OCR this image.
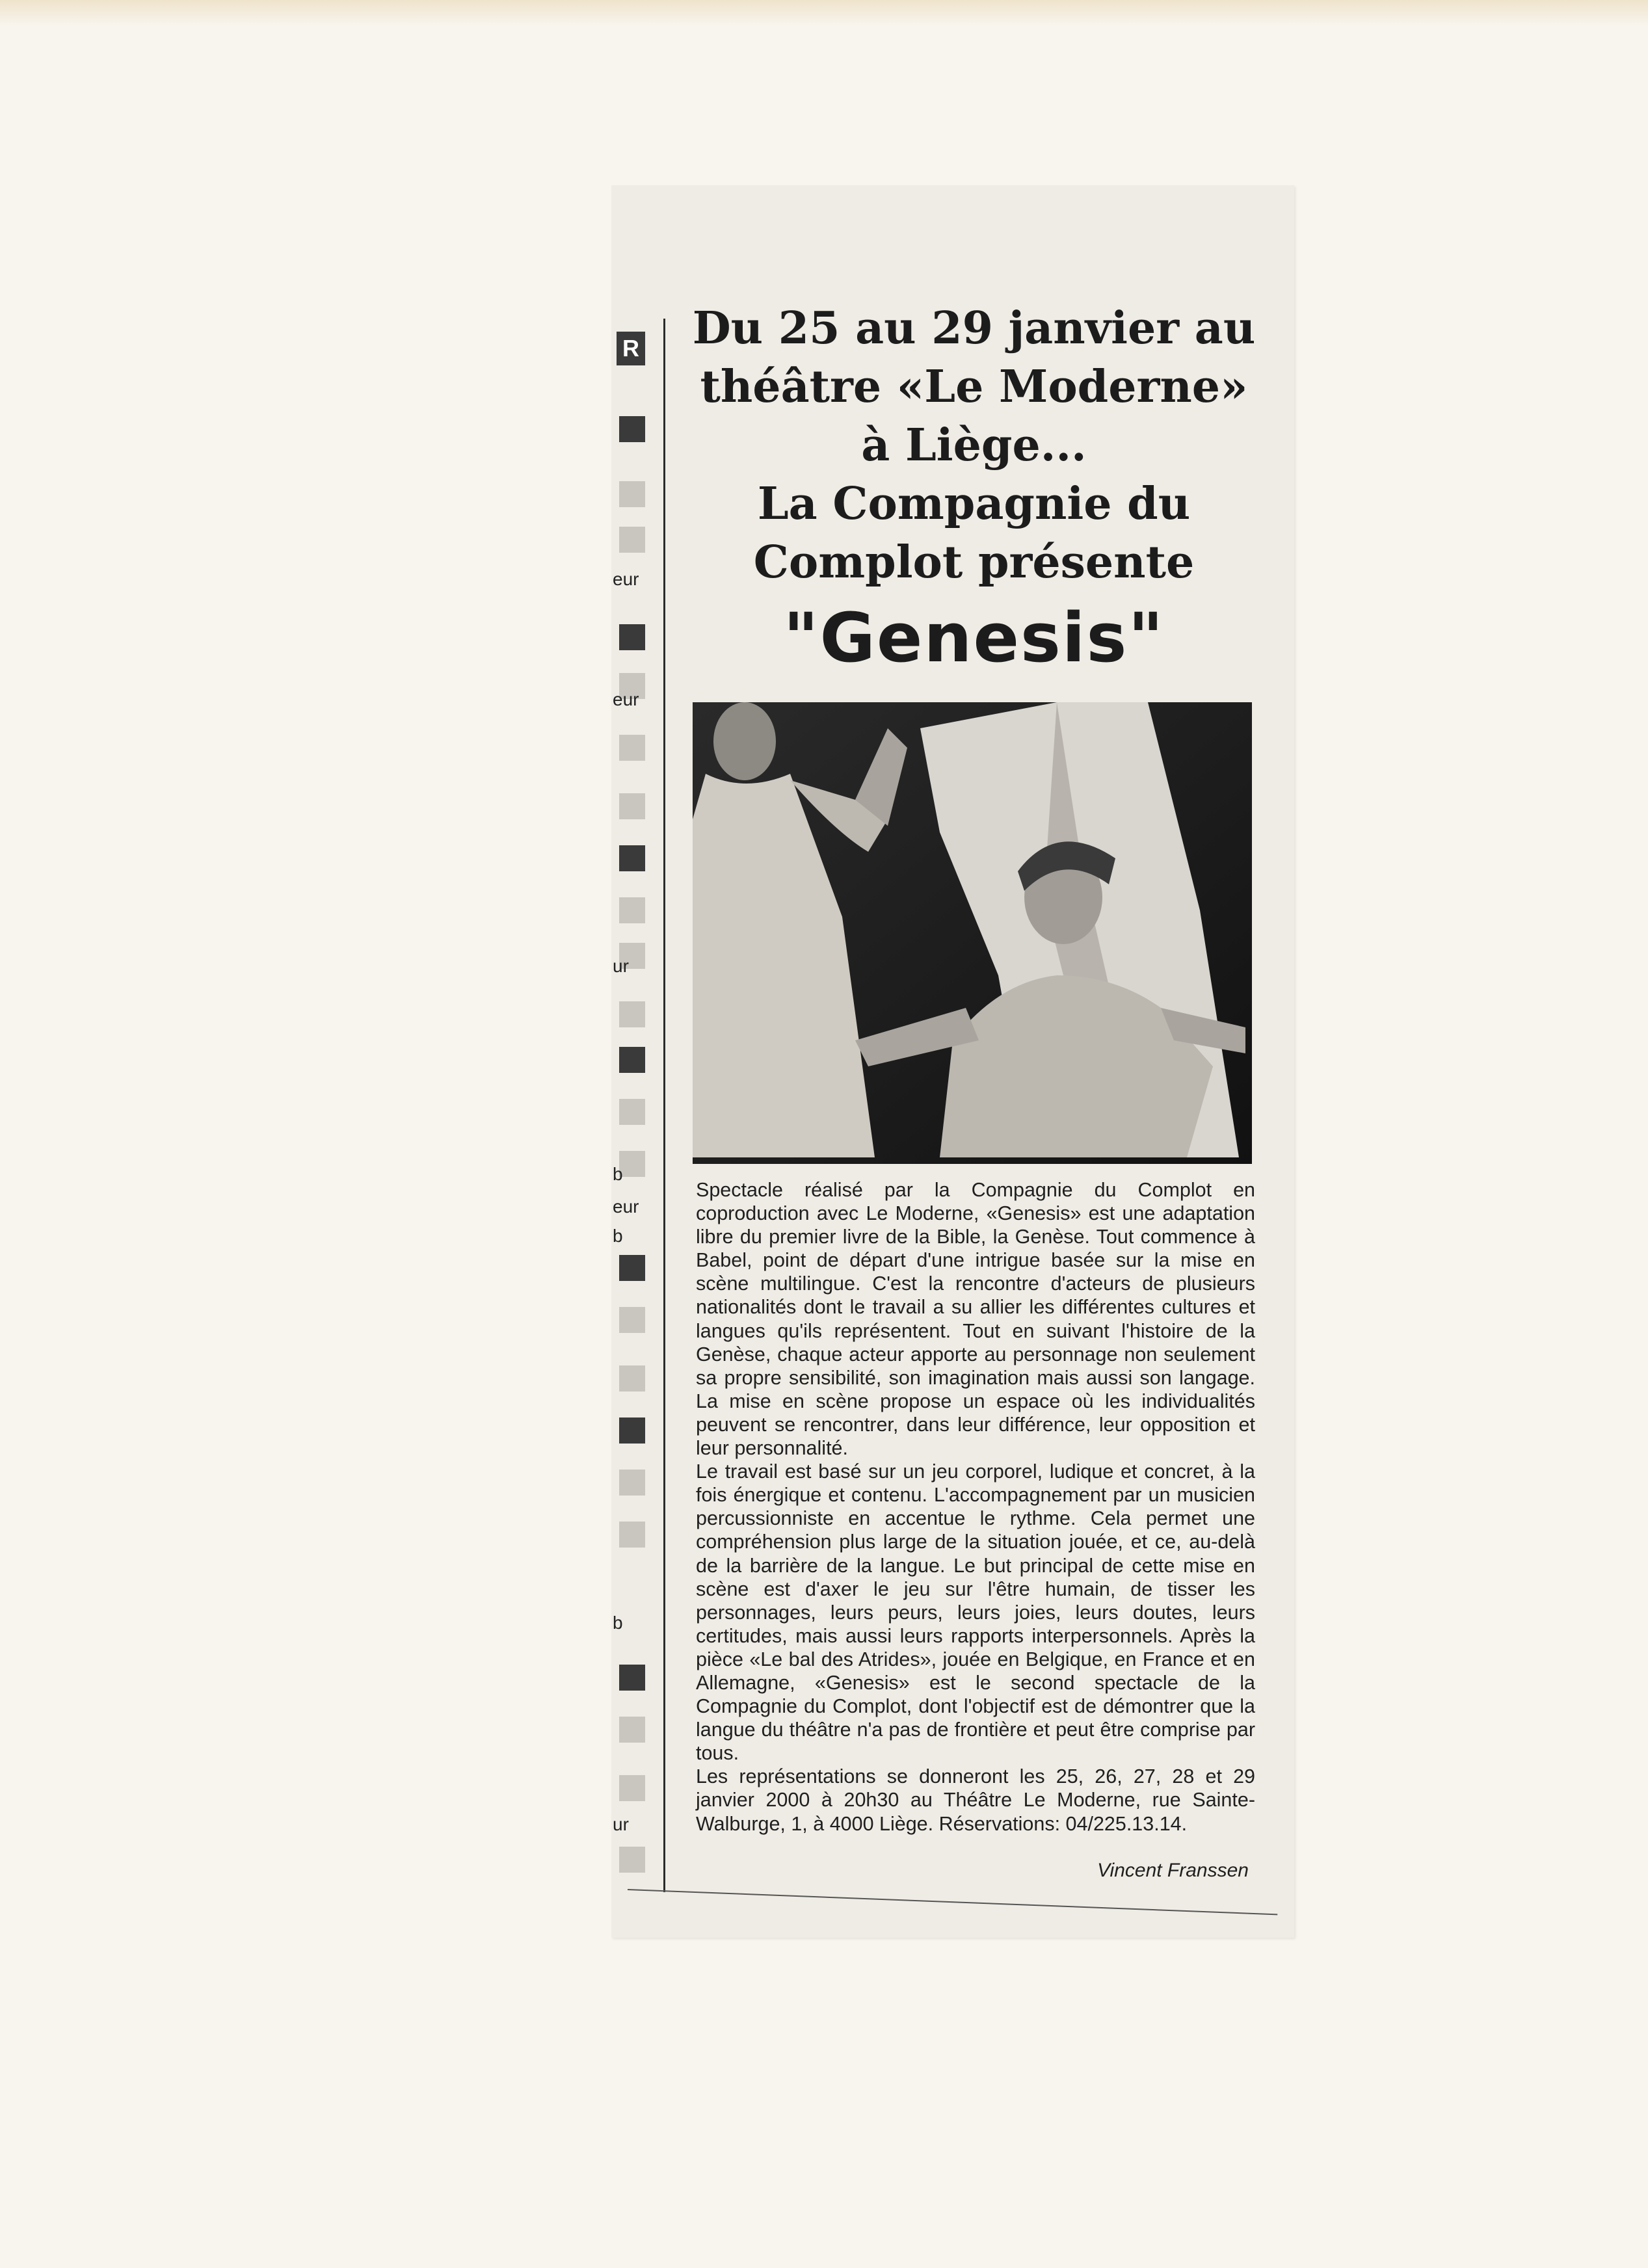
R
eur
eur
ur
b
eur
b
b
ur
Du 25 au 29 janvier au
théâtre «Le Moderne»
à Liège...
La Compagnie du
Complot présente
"Genesis"

Spectacle réalisé par la Compagnie du Complot en coproduction avec Le Moderne, «Genesis» est une adaptation libre du premier livre de la Bible, la Genèse. Tout commence à Babel, point de départ d'une intrigue basée sur la mise en scène multilingue. C'est la rencontre d'acteurs de plusieurs nationalités dont le travail a su allier les différentes cultures et langues qu'ils représentent. Tout en suivant l'histoire de la Genèse, chaque acteur apporte au personnage non seulement sa propre sensibilité, son imagination mais aussi son langage. La mise en scène propose un espace où les individualités peuvent se rencontrer, dans leur différence, leur opposition et leur personnalité.

Le travail est basé sur un jeu corporel, ludique et concret, à la fois énergique et contenu. L'accompagnement par un musicien percussionniste en accentue le rythme. Cela permet une compréhension plus large de la situation jouée, et ce, au-delà de la barrière de la langue. Le but principal de cette mise en scène est d'axer le jeu sur l'être humain, de tisser les personnages, leurs peurs, leurs joies, leurs doutes, leurs certitudes, mais aussi leurs rapports interpersonnels. Après la pièce «Le bal des Atrides», jouée en Belgique, en France et en Allemagne, «Genesis» est le second spectacle de la Compagnie du Complot, dont l'objectif est de démontrer que la langue du théâtre n'a pas de frontière et peut être comprise par tous.

Les représentations se donneront les 25, 26, 27, 28 et 29 janvier 2000 à 20h30 au Théâtre Le Moderne, rue Sainte-Walburge, 1, à 4000 Liège. Réservations: 04/225.13.14.

Vincent Franssen
